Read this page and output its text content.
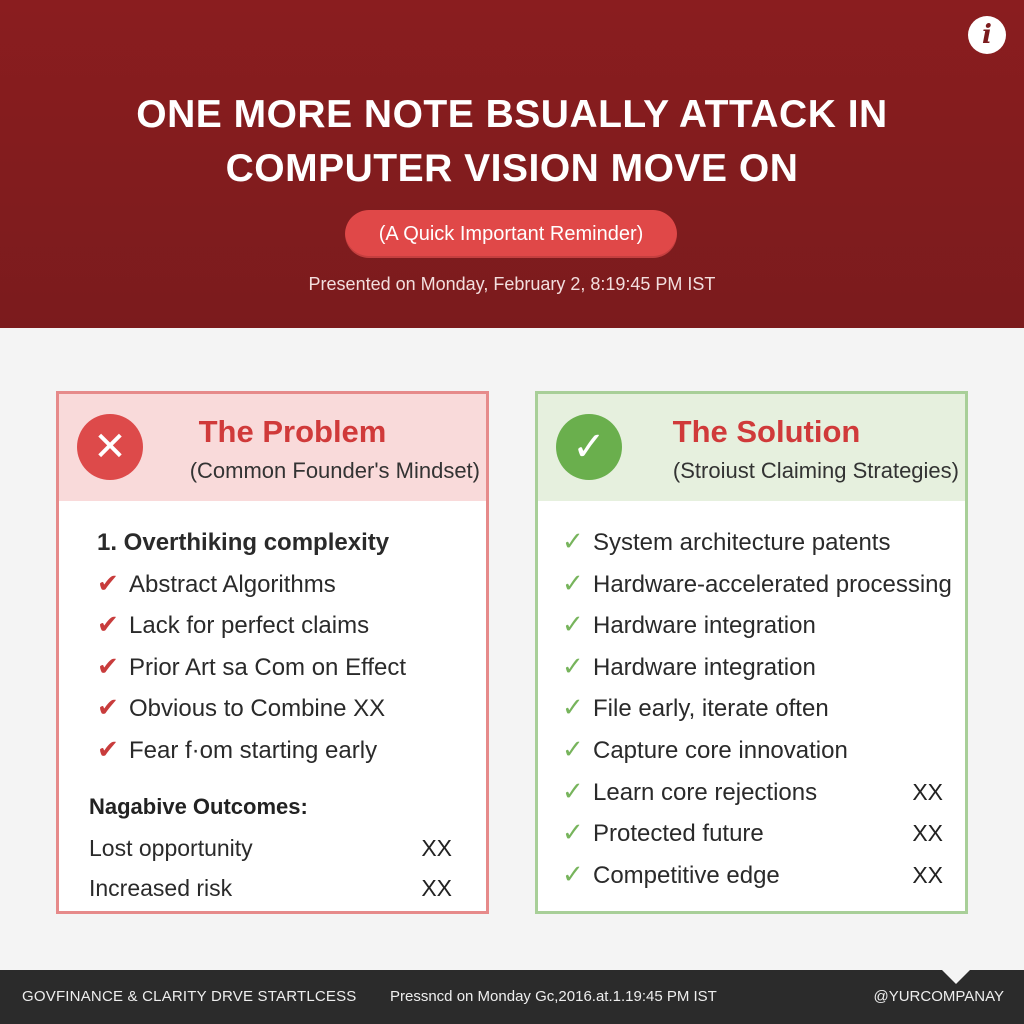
i
ONE MORE NOTE BSUALLY ATTACK IN
COMPUTER VISION MOVE ON
(A Quick Important Reminder)
Presented on Monday, February 2, 8:19:45 PM IST
✕	The Problem
(Common Founder's Mindset)
1. Overthiking complexity
✔ Abstract Algorithms
✔ Lack for perfect claims
✔ Prior Art sa Com on Effect
✔ Obvious to Combine XX
✔ Fear f·om starting early
Nagabive Outcomes:
Lost opportunity	XX
Increased risk	XX
✓	The Solution
(Stroiust Claiming Strategies)
✓ System architecture patents
✓ Hardware-accelerated processing
✓ Hardware integration
✓ Hardware integration
✓ File early, iterate often
✓ Capture core innovation
✓ Learn core rejections	XX
✓ Protected future	XX
✓ Competitive edge	XX
GOVFINANCE & CLARITY DRVE STARTLCESS Pressncd on Monday Gc,2016.at.1.19:45 PM IST	@YURCOMPANAY
